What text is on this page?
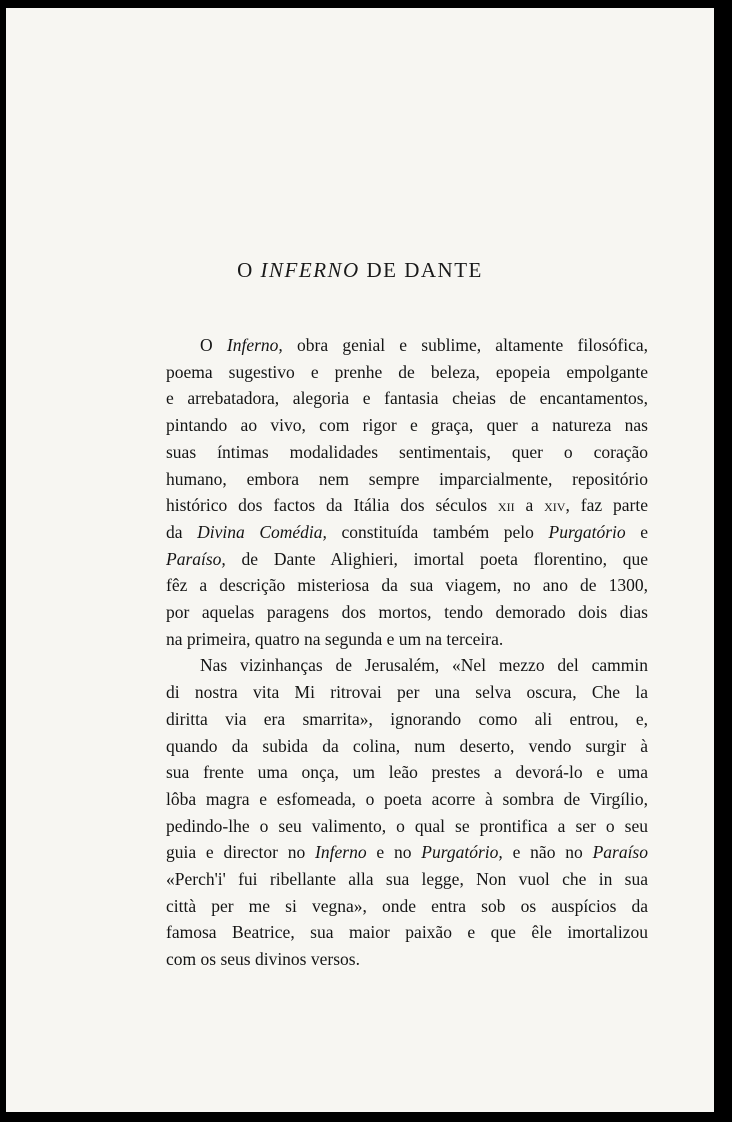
O INFERNO DE DANTE
O Inferno, obra genial e sublime, altamente filosófica,
poema sugestivo e prenhe de beleza, epopeia empolgante
e arrebatadora, alegoria e fantasia cheias de encantamentos,
pintando ao vivo, com rigor e graça, quer a natureza nas
suas íntimas modalidades sentimentais, quer o coração
humano, embora nem sempre imparcialmente, repositório
histórico dos factos da Itália dos séculos xii a xiv, faz parte
da Divina Comédia, constituída também pelo Purgatório e
Paraíso, de Dante Alighieri, imortal poeta florentino, que
fêz a descrição misteriosa da sua viagem, no ano de 1300,
por aquelas paragens dos mortos, tendo demorado dois dias
na primeira, quatro na segunda e um na terceira.
Nas vizinhanças de Jerusalém, «Nel mezzo del cammin
di nostra vita Mi ritrovai per una selva oscura, Che la
diritta via era smarrita», ignorando como ali entrou, e,
quando da subida da colina, num deserto, vendo surgir à
sua frente uma onça, um leão prestes a devorá-lo e uma
lôba magra e esfomeada, o poeta acorre à sombra de Virgílio,
pedindo-lhe o seu valimento, o qual se prontifica a ser o seu
guia e director no Inferno e no Purgatório, e não no Paraíso
«Perch'i' fui ribellante alla sua legge, Non vuol che in sua
città per me si vegna», onde entra sob os auspícios da
famosa Beatrice, sua maior paixão e que êle imortalizou
com os seus divinos versos.
